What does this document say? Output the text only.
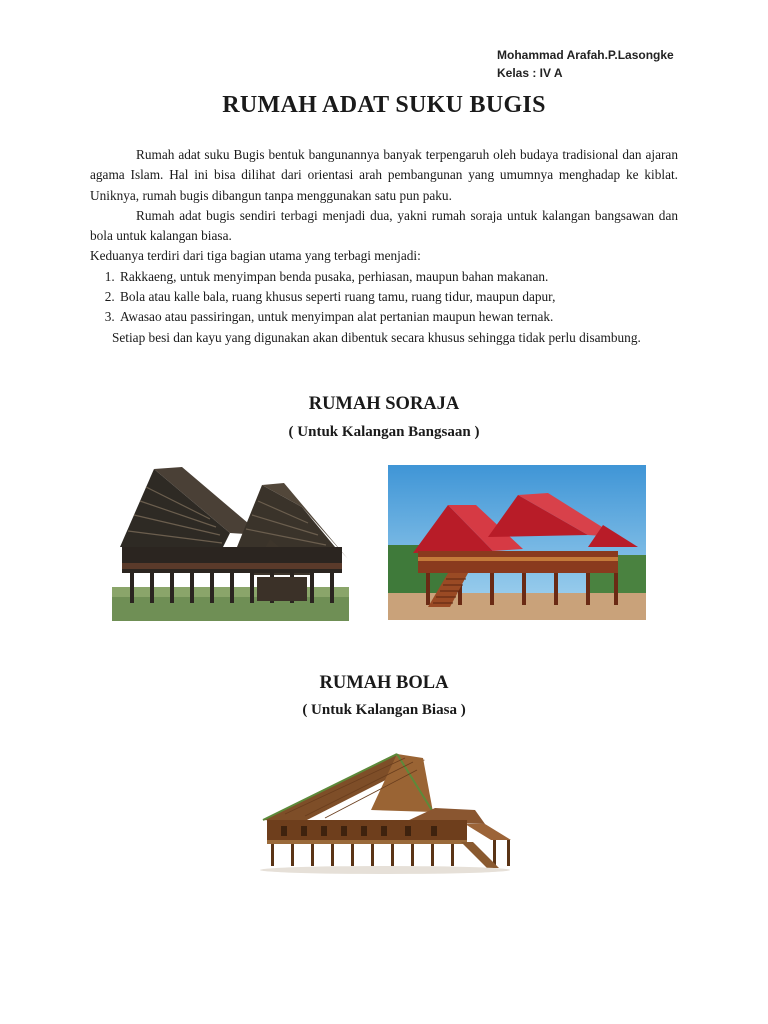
Mohammad Arafah.P.Lasongke
Kelas : IV A
RUMAH ADAT SUKU BUGIS

Rumah adat suku Bugis bentuk bangunannya banyak terpengaruh oleh budaya tradisional dan ajaran agama Islam. Hal ini bisa dilihat dari orientasi arah pembangunan yang umumnya menghadap ke kiblat. Uniknya, rumah bugis dibangun tanpa menggunakan satu pun paku.

Rumah adat bugis sendiri terbagi menjadi dua, yakni rumah soraja untuk kalangan bangsawan dan bola untuk kalangan biasa.

Keduanya terdiri dari tiga bagian utama yang terbagi menjadi:

1. Rakkaeng, untuk menyimpan benda pusaka, perhiasan, maupun bahan makanan.
2. Bola atau kalle bala, ruang khusus seperti ruang tamu, ruang tidur, maupun dapur,
3. Awasao atau passiringan, untuk menyimpan alat pertanian maupun hewan ternak.

Setiap besi dan kayu yang digunakan akan dibentuk secara khusus sehingga tidak perlu disambung.

RUMAH SORAJA
( Untuk Kalangan Bangsaan )
RUMAH BOLA
( Untuk Kalangan Biasa )
